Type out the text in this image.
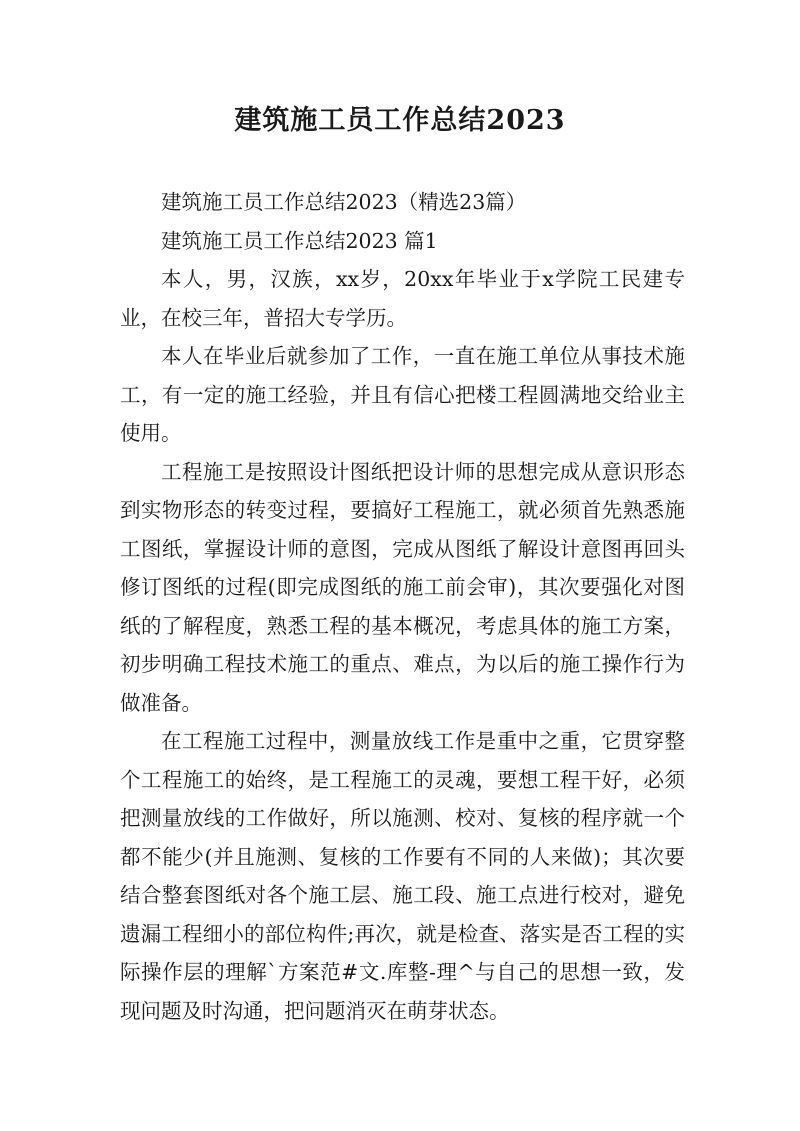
建筑施工员工作总结2023

建筑施工员工作总结2023（精选23篇）

建筑施工员工作总结2023 篇1

本人，男，汉族，xx岁，20xx年毕业于x学院工民建专业，在校三年，普招大专学历。

本人在毕业后就参加了工作，一直在施工单位从事技术施工，有一定的施工经验，并且有信心把楼工程圆满地交给业主使用。

工程施工是按照设计图纸把设计师的思想完成从意识形态到实物形态的转变过程，要搞好工程施工，就必须首先熟悉施工图纸，掌握设计师的意图，完成从图纸了解设计意图再回头修订图纸的过程(即完成图纸的施工前会审)，其次要强化对图纸的了解程度，熟悉工程的基本概况，考虑具体的施工方案，初步明确工程技术施工的重点、难点，为以后的施工操作行为做准备。

在工程施工过程中，测量放线工作是重中之重，它贯穿整个工程施工的始终，是工程施工的灵魂，要想工程干好，必须把测量放线的工作做好，所以施测、校对、复核的程序就一个都不能少(并且施测、复核的工作要有不同的人来做)；其次要结合整套图纸对各个施工层、施工段、施工点进行校对，避免遗漏工程细小的部位构件;再次，就是检查、落实是否工程的实际操作层的理解`方案范#文.库整-理^与自己的思想一致，发现问题及时沟通，把问题消灭在萌芽状态。
